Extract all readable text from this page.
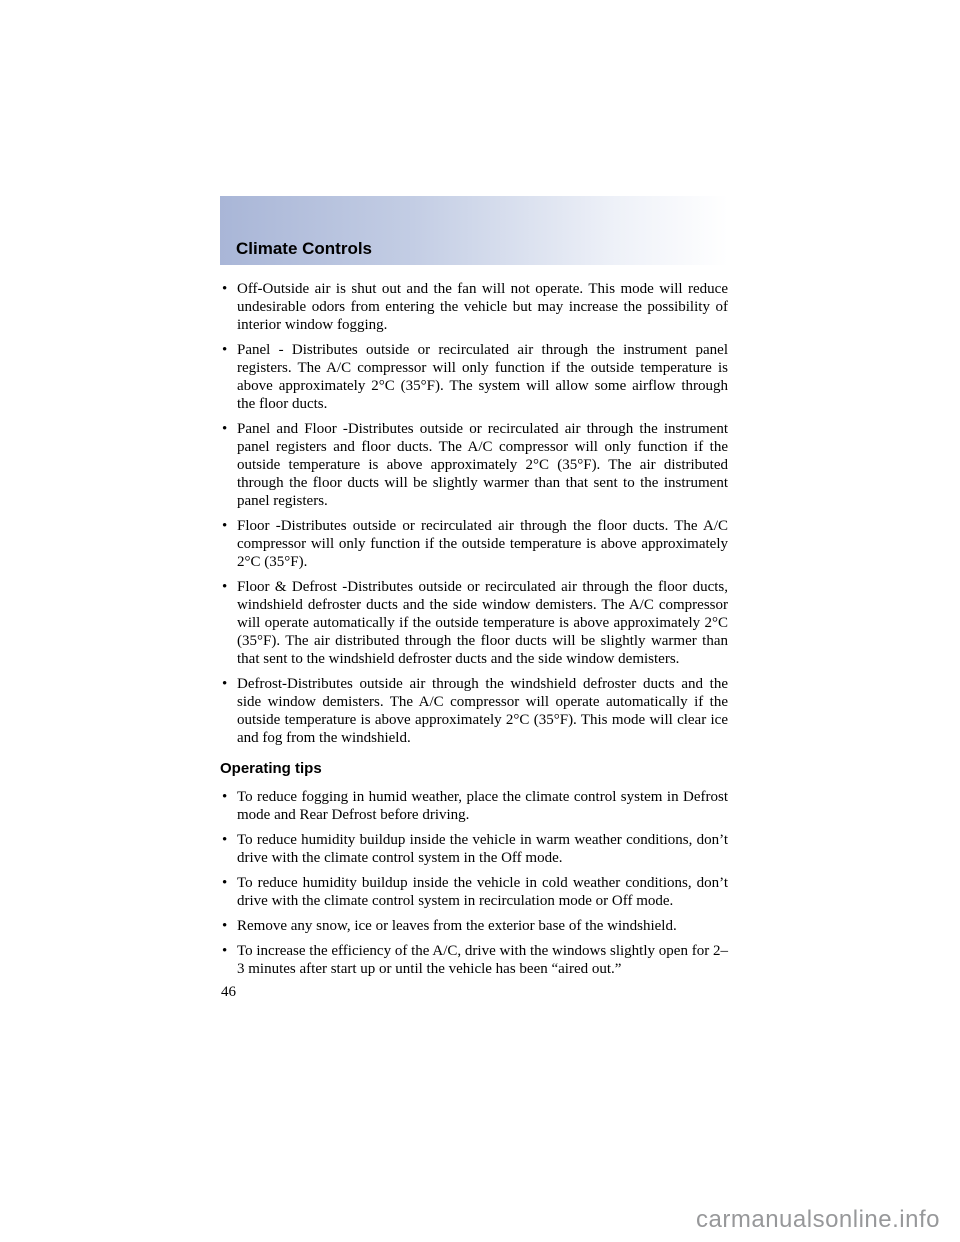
Climate Controls
• Off-Outside air is shut out and the fan will not operate. This mode will reduce undesirable odors from entering the vehicle but may increase the possibility of interior window fogging.
• Panel - Distributes outside or recirculated air through the instrument panel registers. The A/C compressor will only function if the outside temperature is above approximately 2°C (35°F). The system will allow some airflow through the floor ducts.
• Panel and Floor -Distributes outside or recirculated air through the instrument panel registers and floor ducts. The A/C compressor will only function if the outside temperature is above approximately 2°C (35°F). The air distributed through the floor ducts will be slightly warmer than that sent to the instrument panel registers.
• Floor -Distributes outside or recirculated air through the floor ducts. The A/C compressor will only function if the outside temperature is above approximately 2°C (35°F).
• Floor & Defrost -Distributes outside or recirculated air through the floor ducts, windshield defroster ducts and the side window demisters. The A/C compressor will operate automatically if the outside temperature is above approximately 2°C (35°F). The air distributed through the floor ducts will be slightly warmer than that sent to the windshield defroster ducts and the side window demisters.
• Defrost-Distributes outside air through the windshield defroster ducts and the side window demisters. The A/C compressor will operate automatically if the outside temperature is above approximately 2°C (35°F). This mode will clear ice and fog from the windshield.
Operating tips
• To reduce fogging in humid weather, place the climate control system in Defrost mode and Rear Defrost before driving.
• To reduce humidity buildup inside the vehicle in warm weather conditions, don’t drive with the climate control system in the Off mode.
• To reduce humidity buildup inside the vehicle in cold weather conditions, don’t drive with the climate control system in recirculation mode or Off mode.
• Remove any snow, ice or leaves from the exterior base of the windshield.
• To increase the efficiency of the A/C, drive with the windows slightly open for 2–3 minutes after start up or until the vehicle has been “aired out.”
46
carmanualsonline.info
